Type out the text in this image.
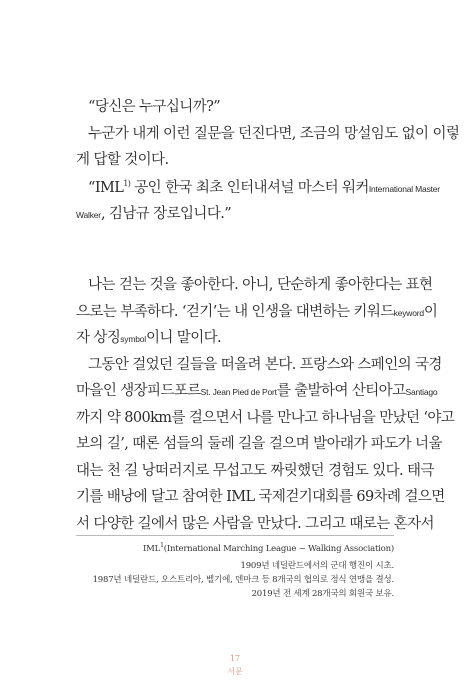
“당신은 누구십니까?”
누군가 내게 이런 질문을 던진다면, 조금의 망설임도 없이 이렇
게 답할 것이다.
“IML$^{1)}$ 공인 한국 최초 인터내셔널 마스터 워커International Master
Walker, 김남규 장로입니다.”
나는 걷는 것을 좋아한다. 아니, 단순하게 좋아한다는 표현
으로는 부족하다. ‘걷기’는 내 인생을 대변하는 키워드keyword이
자 상징symbol이니 말이다.
그동안 걸었던 길들을 떠올려 본다. 프랑스와 스페인의 국경
마을인 생장피드포르St. Jean Pied de Port를 출발하여 산티아고Santiago
까지 약 800km를 걸으면서 나를 만나고 하나님을 만났던 ‘야고
보의 길’, 때론 섬들의 둘레 길을 걸으며 발아래가 파도가 너울
대는 천 길 낭떠러지로 무섭고도 짜릿했던 경험도 있다. 태극
기를 배낭에 달고 참여한 IML 국제걷기대회를 69차례 걸으면
서 다양한 길에서 많은 사람을 만났다. 그리고 때로는 혼자서
IML$^1$(International Marching League ~ Walking Association)
1909년 네덜란드에서의 군대 행진이 시초.
1987년 네덜란드, 오스트리아, 벨기에, 덴마크 등 8개국의 협의로 정식 연맹을 결성.
2019년 전 세계 28개국의 회원국 보유.
17
서문
